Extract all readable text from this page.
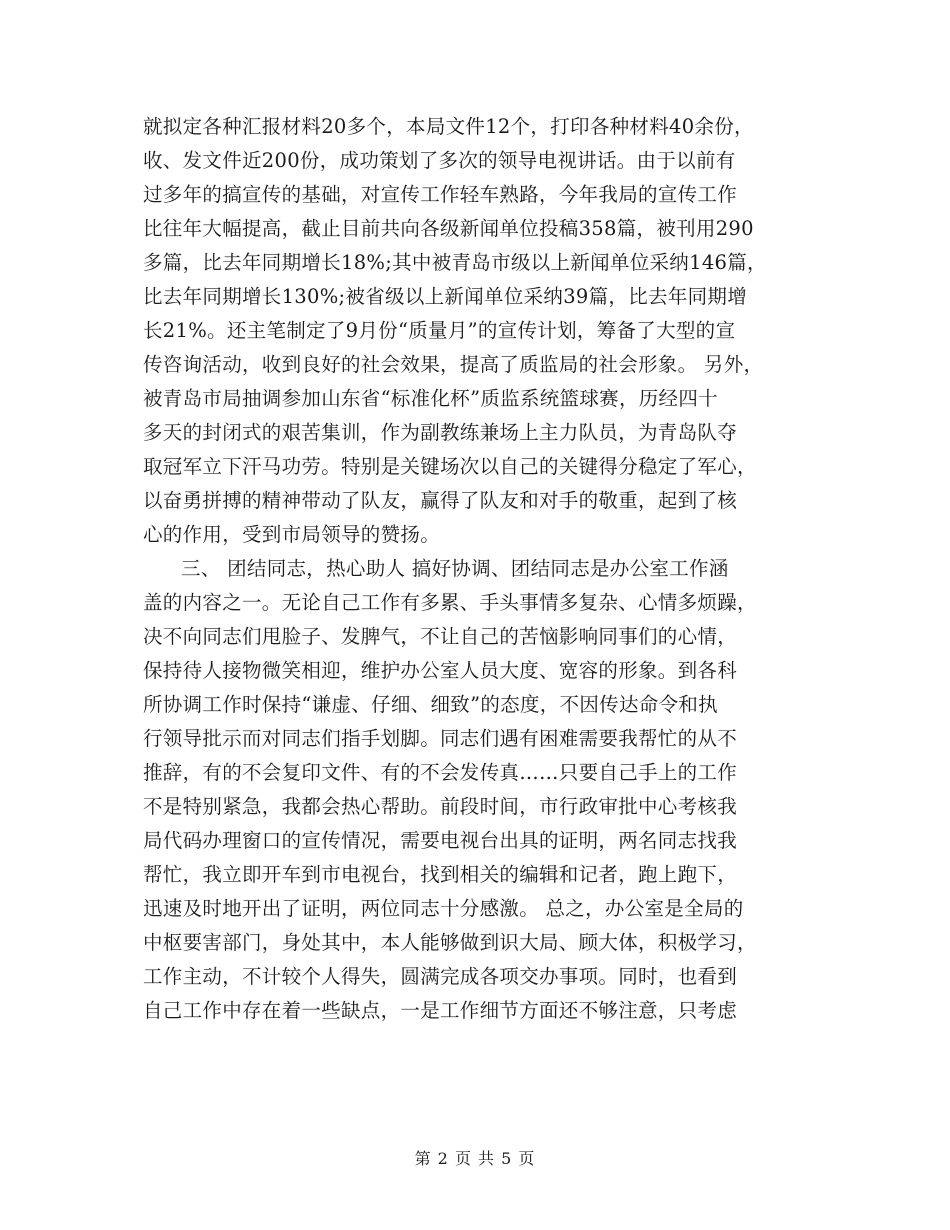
就拟定各种汇报材料20多个，本局文件12个，打印各种材料40余份，
收、发文件近200份，成功策划了多次的领导电视讲话。由于以前有
过多年的搞宣传的基础，对宣传工作轻车熟路，今年我局的宣传工作
比往年大幅提高，截止目前共向各级新闻单位投稿358篇，被刊用290
多篇，比去年同期增长18%;其中被青岛市级以上新闻单位采纳146篇，
比去年同期增长130%;被省级以上新闻单位采纳39篇，比去年同期增
长21%。还主笔制定了9月份“质量月”的宣传计划，筹备了大型的宣
传咨询活动，收到良好的社会效果，提高了质监局的社会形象。 另外，
被青岛市局抽调参加山东省“标准化杯”质监系统篮球赛，历经四十
多天的封闭式的艰苦集训，作为副教练兼场上主力队员，为青岛队夺
取冠军立下汗马功劳。特别是关键场次以自己的关键得分稳定了军心，
以奋勇拼搏的精神带动了队友，赢得了队友和对手的敬重，起到了核
心的作用，受到市局领导的赞扬。
三、 团结同志，热心助人 搞好协调、团结同志是办公室工作涵
盖的内容之一。无论自己工作有多累、手头事情多复杂、心情多烦躁，
决不向同志们甩脸子、发脾气，不让自己的苦恼影响同事们的心情，
保持待人接物微笑相迎，维护办公室人员大度、宽容的形象。到各科
所协调工作时保持“谦虚、仔细、细致”的态度，不因传达命令和执
行领导批示而对同志们指手划脚。同志们遇有困难需要我帮忙的从不
推辞，有的不会复印文件、有的不会发传真……只要自己手上的工作
不是特别紧急，我都会热心帮助。前段时间，市行政审批中心考核我
局代码办理窗口的宣传情况，需要电视台出具的证明，两名同志找我
帮忙，我立即开车到市电视台，找到相关的编辑和记者，跑上跑下，
迅速及时地开出了证明，两位同志十分感激。 总之，办公室是全局的
中枢要害部门，身处其中，本人能够做到识大局、顾大体，积极学习，
工作主动，不计较个人得失，圆满完成各项交办事项。同时，也看到
自己工作中存在着一些缺点，一是工作细节方面还不够注意，只考虑
第 2 页 共 5 页
